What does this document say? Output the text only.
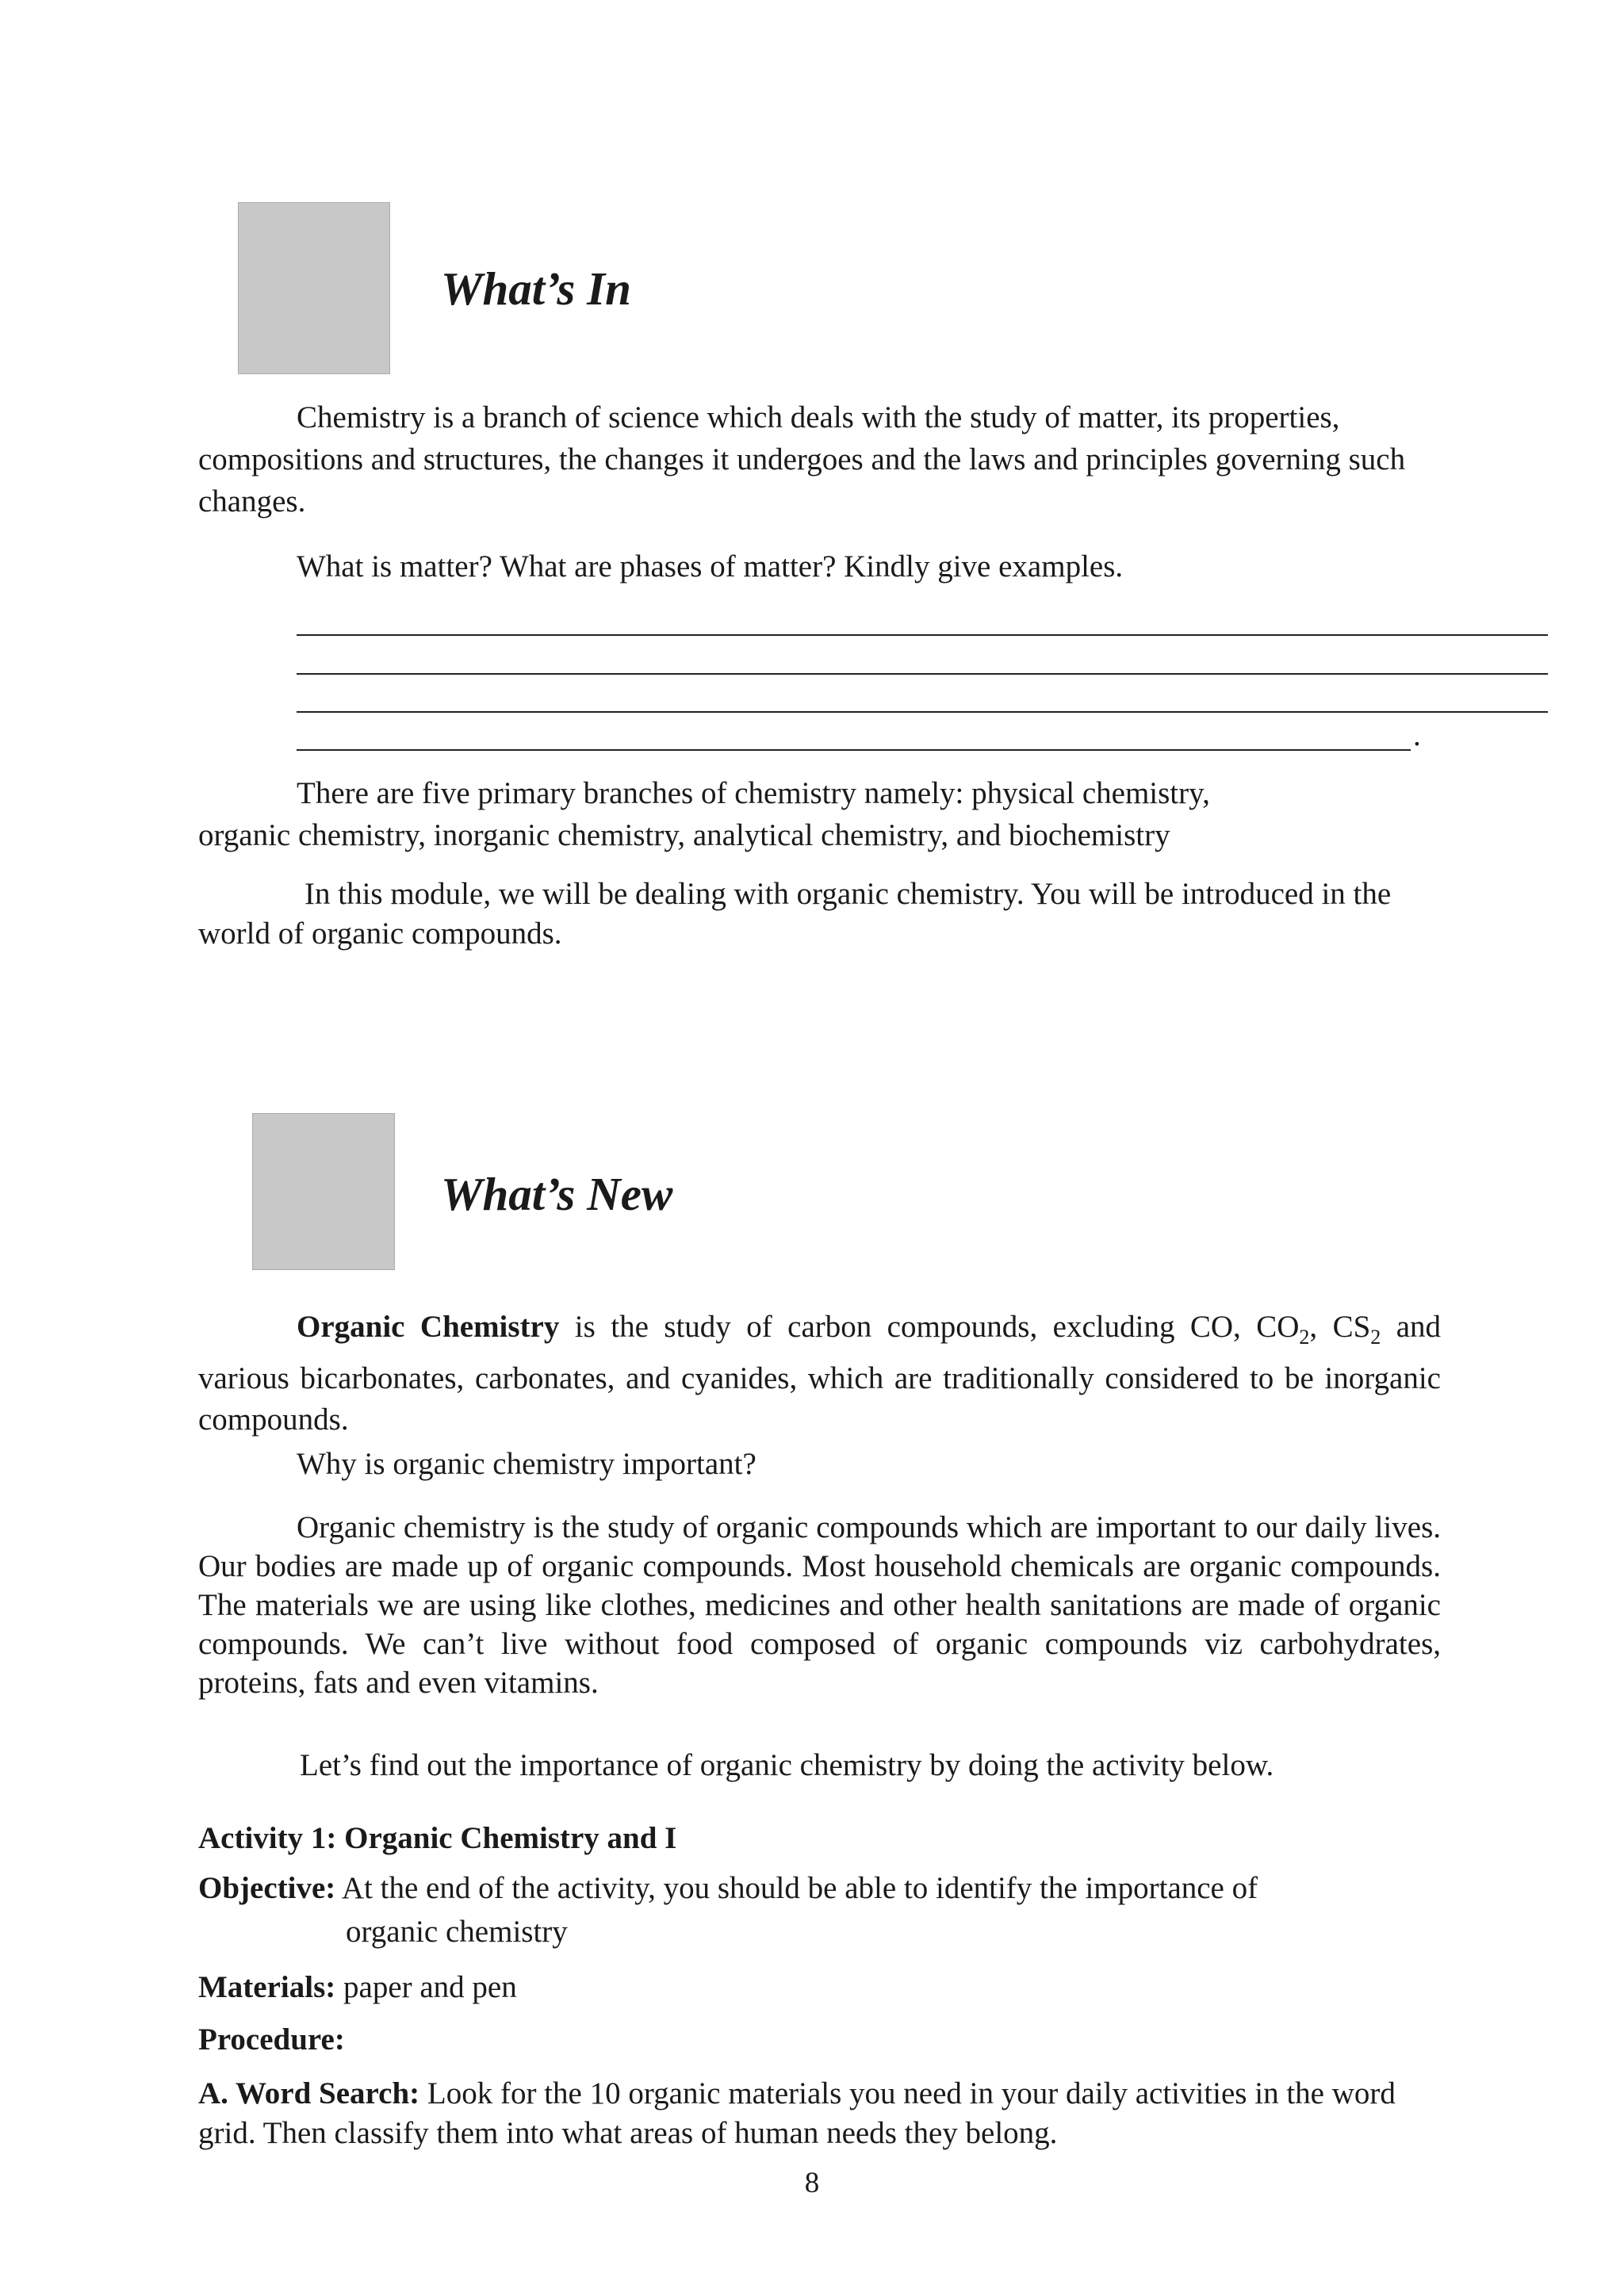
What’s In

Chemistry is a branch of science which deals with the study of matter, its properties, compositions and structures, the changes it undergoes and the laws and principles governing such changes.

What is matter? What are phases of matter? Kindly give examples.

.

There are five primary branches of chemistry namely: physical chemistry, organic chemistry, inorganic chemistry, analytical chemistry, and biochemistry

In this module, we will be dealing with organic chemistry. You will be introduced in the world of organic compounds.

What’s New

Organic Chemistry is the study of carbon compounds, excluding CO, $CO_2$, $CS_2$ and various bicarbonates, carbonates, and cyanides, which are traditionally considered to be inorganic compounds.

Why is organic chemistry important?

Organic chemistry is the study of organic compounds which are important to our daily lives. Our bodies are made up of organic compounds. Most household chemicals are organic compounds. The materials we are using like clothes, medicines and other health sanitations are made of organic compounds. We can’t live without food composed of organic compounds viz carbohydrates, proteins, fats and even vitamins.

Let’s find out the importance of organic chemistry by doing the activity below.

Activity 1: Organic Chemistry and I

Objective: At the end of the activity, you should be able to identify the importance of

organic chemistry

Materials: paper and pen

Procedure:

A. Word Search: Look for the 10 organic materials you need in your daily activities in the word grid. Then classify them into what areas of human needs they belong.

8
